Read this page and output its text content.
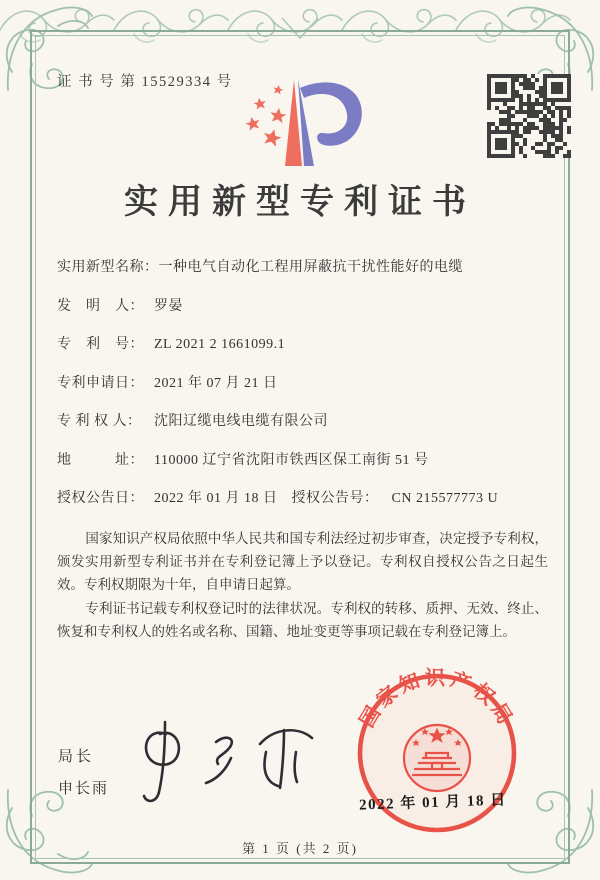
证 书 号 第 15529334 号
实用新型专利证书
实用新型名称： 一种电气自动化工程用屏蔽抗干扰性能好的电缆
发　明　人： 罗晏
专　利　号： ZL 2021 2 1661099.1
专利申请日： 2021 年 07 月 21 日
专 利 权 人： 沈阳辽缆电线电缆有限公司
地　　　址： 110000 辽宁省沈阳市铁西区保工南街 51 号
授权公告日： 2022 年 01 月 18 日 授权公告号： CN 215577773 U

国家知识产权局依照中华人民共和国专利法经过初步审查，决定授予专利权，颁发实用新型专利证书并在专利登记簿上予以登记。专利权自授权公告之日起生效。专利权期限为十年，自申请日起算。

专利证书记载专利权登记时的法律状况。专利权的转移、质押、无效、终止、恢复和专利权人的姓名或名称、国籍、地址变更等事项记载在专利登记簿上。

局长
申长雨
国家知识产权局
2022 年 01 月 18 日
第 1 页 (共 2 页)
